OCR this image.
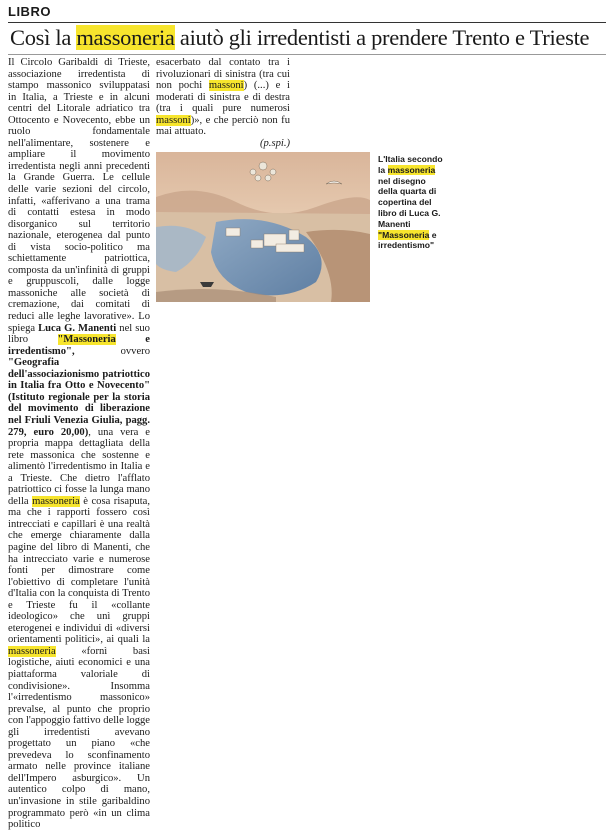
LIBRO
Così la massoneria aiutò gli irredentisti a prendere Trento e Trieste

Il Circolo Garibaldi di Trieste, associazione irredentista di stampo massonico sviluppatasi in Italia, a Trieste e in alcuni centri del Litorale adriatico tra Ottocento e Novecento, ebbe un ruolo fondamentale nell'alimentare, sostenere e ampliare il movimento irredentista negli anni precedenti la Grande Guerra. Le cellule delle varie sezioni del circolo, infatti, «afferivano a una trama di contatti estesa in modo disorganico sul territorio nazionale, eterogenea dal punto di vista socio-politico ma schiettamente patriottica, composta da un'infinità di gruppi e gruppuscoli, dalle logge massoniche alle società di cremazione, dai comitati di reduci alle leghe lavorative». Lo spiega Luca G. Manenti nel suo libro "Massoneria e irredentismo", ovvero "Geografia dell'associazionismo patriottico in Italia fra Otto e Novecento" (Istituto regionale per la storia del movimento di liberazione nel Friuli Venezia Giulia, pagg. 279, euro 20,00), una vera e propria mappa dettagliata della rete massonica che sostenne e alimentò l'irredentismo in Italia e a Trieste. Che dietro l'afflato patriottico ci fosse la lunga mano della massoneria è cosa risaputa, ma che i rapporti fossero così intrecciati e capillari è una realtà che emerge chiaramente dalla pagine del libro di Manenti, che ha intrecciato varie e numerose fonti per dimostrare come l'obiettivo di completare l'unità d'Italia con la conquista di Trento e Trieste fu il «collante ideologico» che unì gruppi eterogenei e individui di «diversi orientamenti politici», ai quali la massoneria «fornì basi logistiche, aiuti economici e una piattaforma valoriale di condivisione». Insomma l'«irredentismo massonico» prevalse, al punto che proprio con l'appoggio fattivo delle logge gli irredentisti avevano progettato un piano «che prevedeva lo sconfinamento armato nelle province italiane dell'Impero asburgico». Un autentico colpo di mano, un'invasione in stile garibaldino programmato però «in un clima politico

esacerbato dal contato tra i rivoluzionari di sinistra (tra cui non pochi massoni) (...) e i moderati di sinistra e di destra (tra i quali pure numerosi massoni)», e che perciò non fu mai attuato.
(p.spi.)

L'Italia secondo la massoneria nel disegno della quarta di copertina del libro di Luca G. Manenti "Massoneria e irredentismo"
